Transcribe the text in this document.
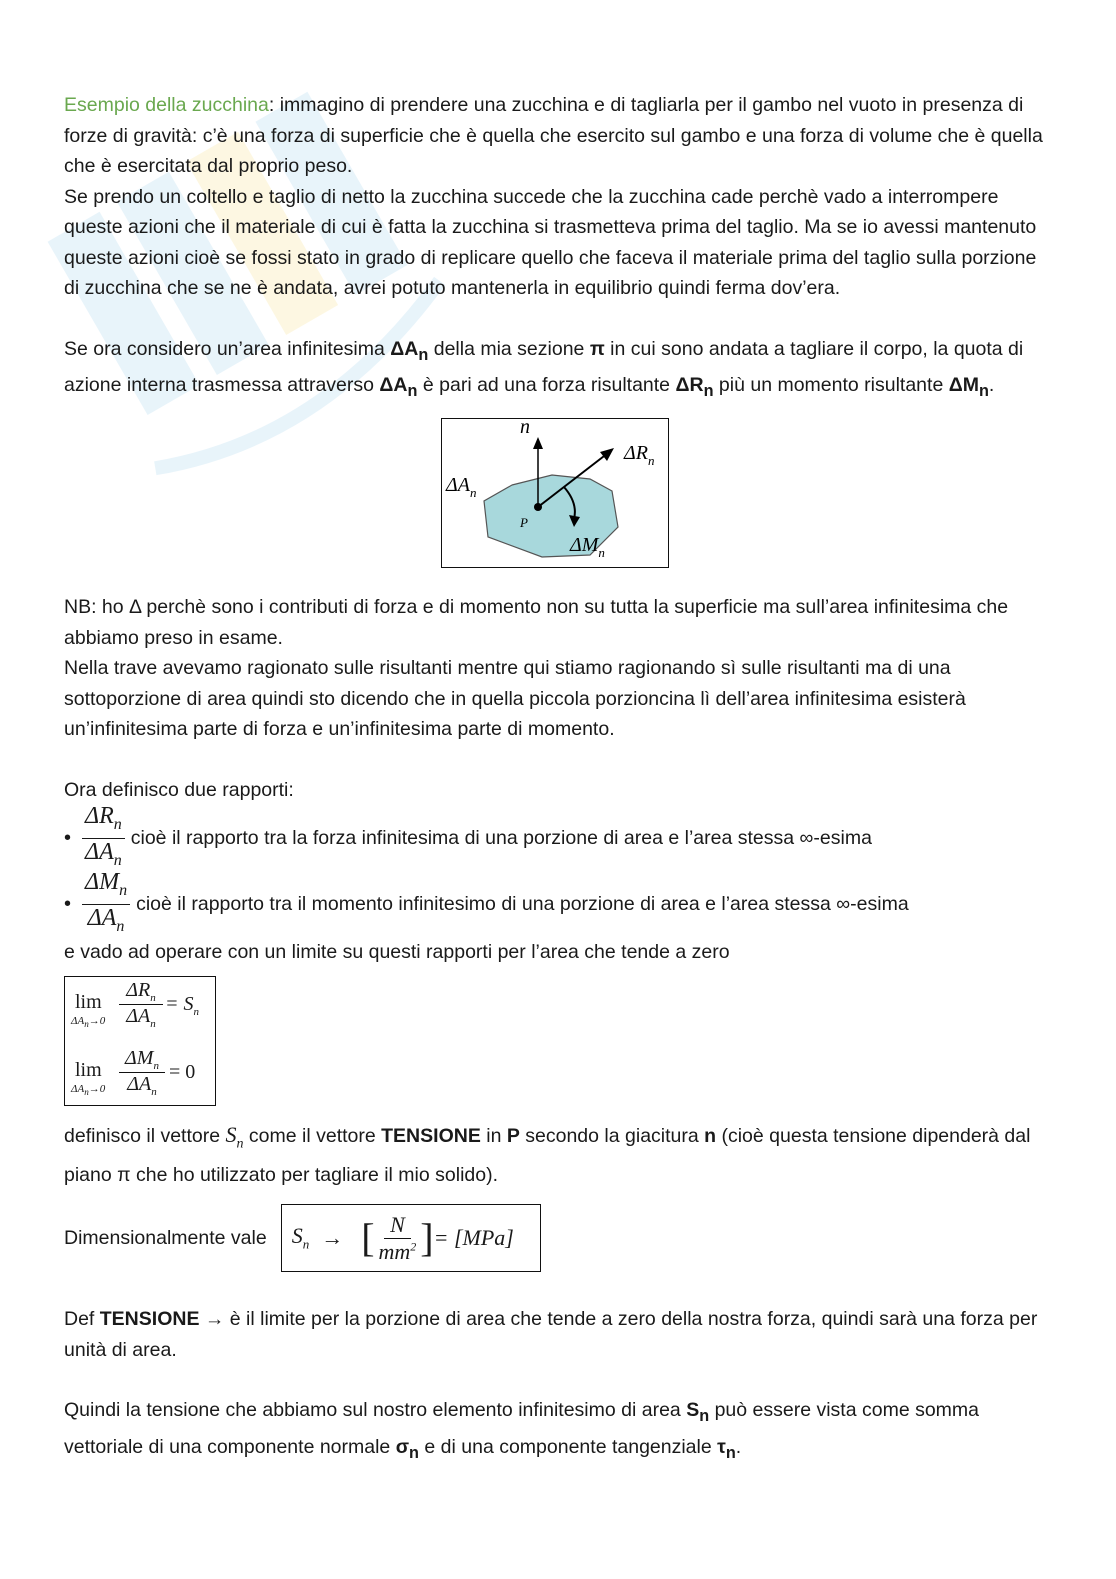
Esempio della zucchina: immagino di prendere una zucchina e di tagliarla per il gambo nel vuoto in presenza di forze di gravità: c’è una forza di superficie che è quella che esercito sul gambo e una forza di volume che è quella che è esercitata dal proprio peso.

Se prendo un coltello e taglio di netto la zucchina succede che la zucchina cade perchè vado a interrompere queste azioni che il materiale di cui è fatta la zucchina si trasmetteva prima del taglio. Ma se io avessi mantenuto queste azioni cioè se fossi stato in grado di replicare quello che faceva il materiale prima del taglio sulla porzione di zucchina che se ne è andata, avrei potuto mantenerla in equilibrio quindi ferma dov’era.

Se ora considero un’area infinitesima $\Delta A_n$ della mia sezione π in cui sono andata a tagliare il corpo, la quota di azione interna trasmessa attraverso $\Delta A_n$ è pari ad una forza risultante $\Delta R_n$ più un momento risultante $\Delta M_n$.

n
$\Delta R_n$
$\Delta A_n$
$\Delta M_n$
P

NB: ho Δ perchè sono i contributi di forza e di momento non su tutta la superficie ma sull’area infinitesima che abbiamo preso in esame.

Nella trave avevamo ragionato sulle risultanti mentre qui stiamo ragionando sì sulle risultanti ma di una sottoporzione di area quindi sto dicendo che in quella piccola porzioncina lì dell’area infinitesima esisterà un’infinitesima parte di forza e un’infinitesima parte di momento.

Ora definisco due rapporti:

• $\frac{\Delta R_n}{\Delta A_n}$ cioè il rapporto tra la forza infinitesima di una porzione di area e l’area stessa ∞-esima

• $\frac{\Delta M_n}{\Delta A_n}$ cioè il rapporto tra il momento infinitesimo di una porzione di area e l’area stessa ∞-esima

e vado ad operare con un limite su questi rapporti per l’area che tende a zero

lim
$\Delta A_n\to 0$
$\Delta R_n$
$\Delta A_n$
= $S_n$
lim
$\Delta A_n\to 0$
$\Delta M_n$
$\Delta A_n$
= 0

definisco il vettore $S_n$ come il vettore TENSIONE in P secondo la giacitura n (cioè questa tensione dipenderà dal piano π che ho utilizzato per tagliare il mio solido).

Dimensionalmente vale $S_n$ → [ N
$mm^2$ ] = [MPa]

Def TENSIONE → è il limite per la porzione di area che tende a zero della nostra forza, quindi sarà una forza per unità di area.

Quindi la tensione che abbiamo sul nostro elemento infinitesimo di area $S_n$ può essere vista come somma vettoriale di una componente normale $\sigma_n$ e di una componente tangenziale $\tau_n$.
